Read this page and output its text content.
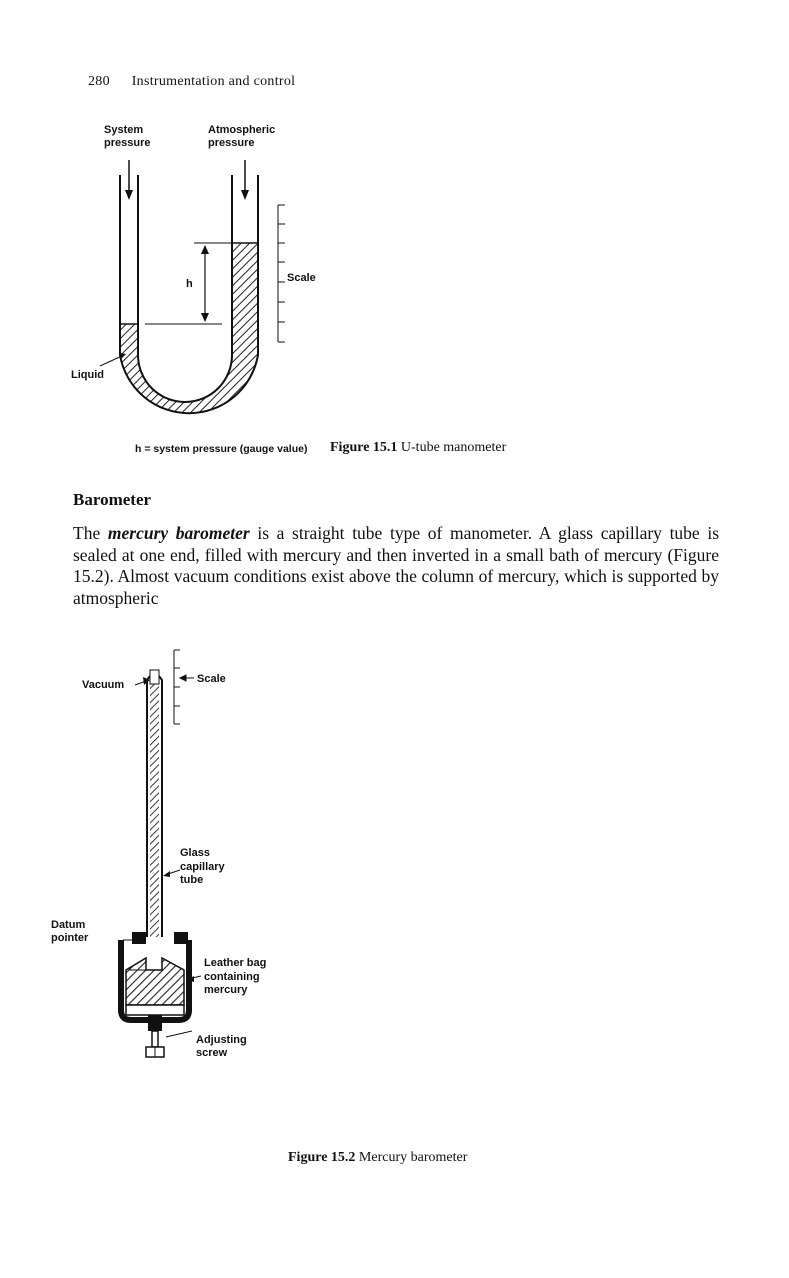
280 Instrumentation and control
System
pressure
Atmospheric
pressure
h	Scale
Liquid
h = system pressure (gauge value) Figure 15.1 U-tube manometer
Barometer

The mercury barometer is a straight tube type of manometer. A glass capillary tube is sealed at one end, filled with mercury and then inverted in a small bath of mercury (Figure 15.2). Almost vacuum conditions exist above the column of mercury, which is supported by atmospheric

Vacuum	Scale
Glass
capillary
tube
Datum
pointer
Leather bag
containing
mercury
Adjusting
screw
Figure 15.2 Mercury barometer
